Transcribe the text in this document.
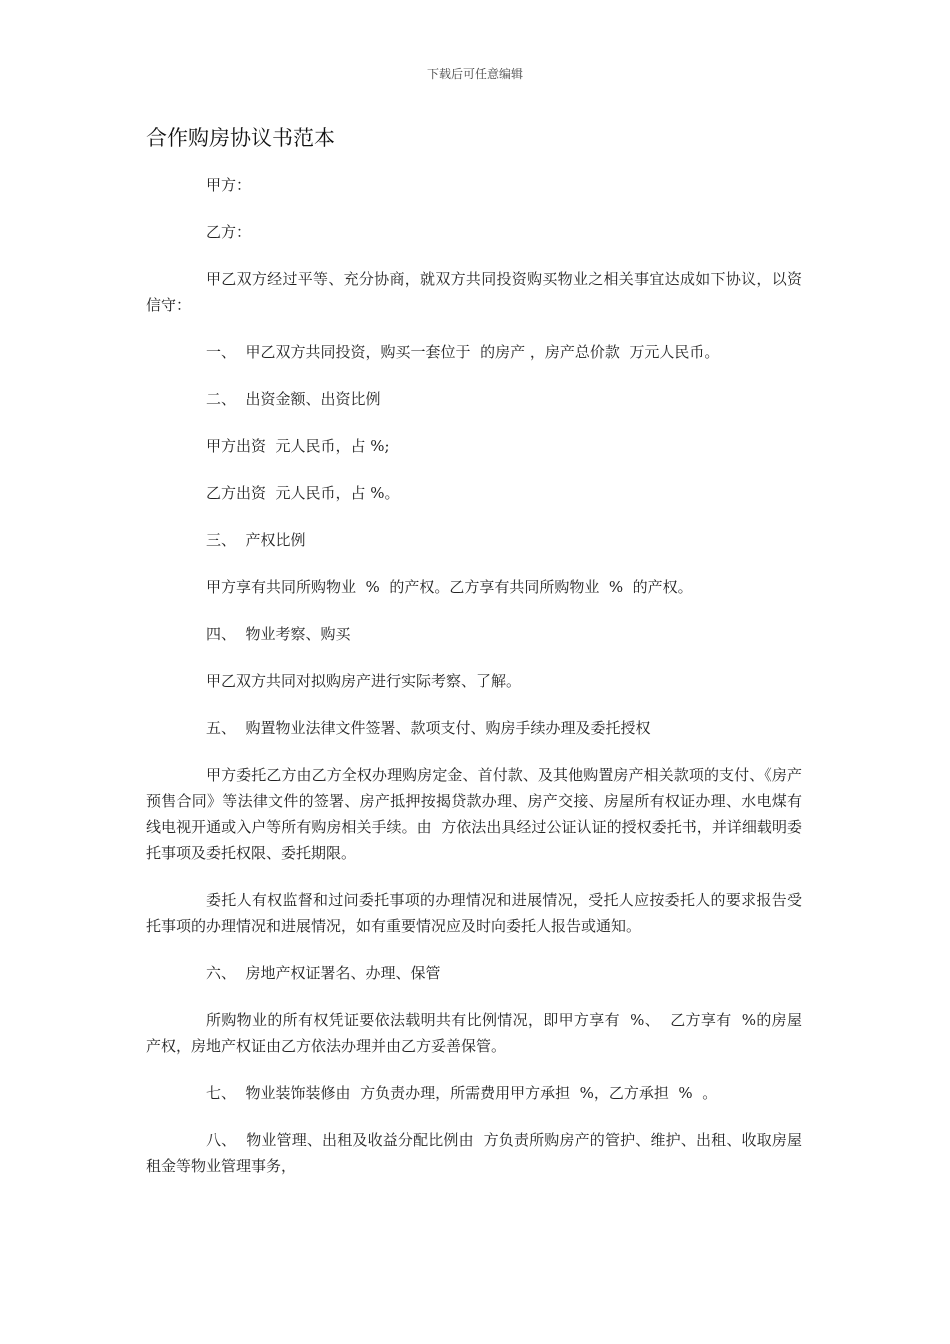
下载后可任意编辑
合作购房协议书范本

甲方：

乙方：

甲乙双方经过平等、充分协商，就双方共同投资购买物业之相关事宜达成如下协议，以资信守：

一、  甲乙双方共同投资，购买一套位于  的房产 ，房产总价款  万元人民币。

二、  出资金额、出资比例

甲方出资  元人民币，占 %;

乙方出资  元人民币，占 %。

三、  产权比例

甲方享有共同所购物业  %  的产权。乙方享有共同所购物业  %  的产权。

四、  物业考察、购买

甲乙双方共同对拟购房产进行实际考察、了解。

五、  购置物业法律文件签署、款项支付、购房手续办理及委托授权

甲方委托乙方由乙方全权办理购房定金、首付款、及其他购置房产相关款项的支付、《房产预售合同》等法律文件的签署、房产抵押按揭贷款办理、房产交接、房屋所有权证办理、水电煤有线电视开通或入户等所有购房相关手续。由  方依法出具经过公证认证的授权委托书，并详细载明委托事项及委托权限、委托期限。

委托人有权监督和过问委托事项的办理情况和进展情况，受托人应按委托人的要求报告受托事项的办理情况和进展情况，如有重要情况应及时向委托人报告或通知。

六、  房地产权证署名、办理、保管

所购物业的所有权凭证要依法载明共有比例情况，即甲方享有  %、  乙方享有  %的房屋产权，房地产权证由乙方依法办理并由乙方妥善保管。

七、  物业装饰装修由  方负责办理，所需费用甲方承担  %，乙方承担  %  。

八、  物业管理、出租及收益分配比例由  方负责所购房产的管护、维护、出租、收取房屋租金等物业管理事务，
